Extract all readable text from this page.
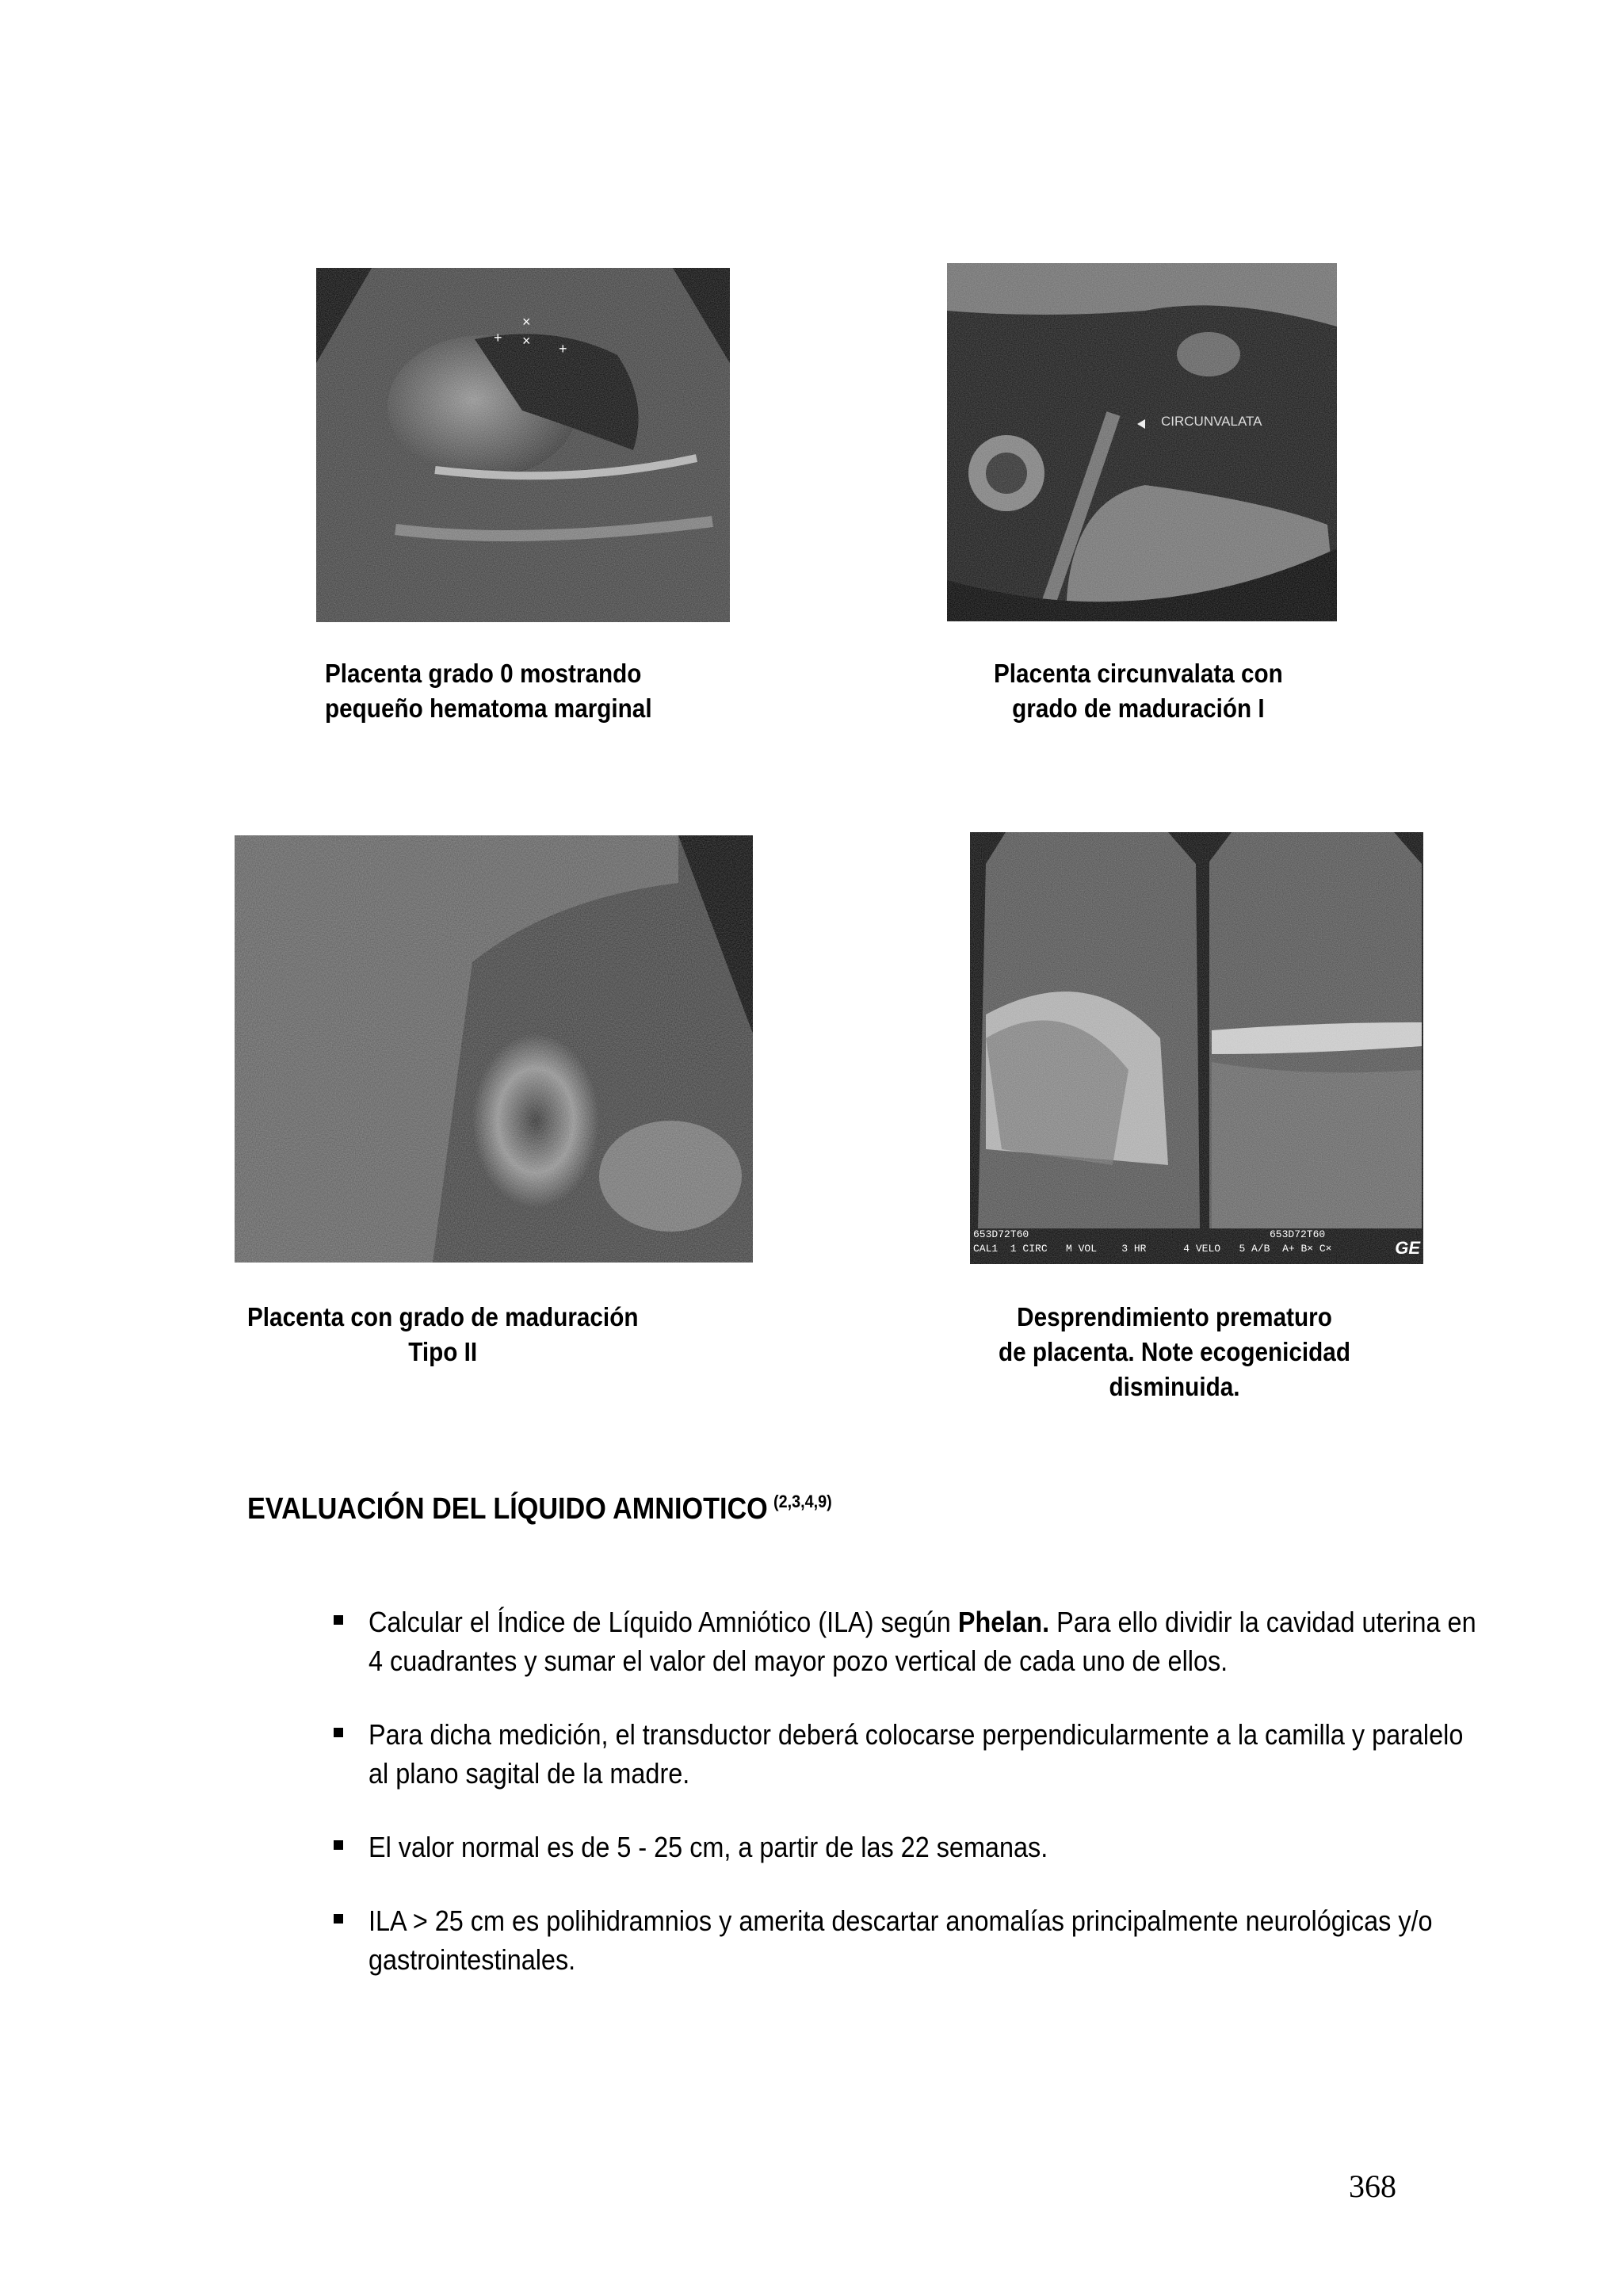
×
+ × +
CIRCUNVALATA
Placenta grado 0 mostrando
pequeño hematoma marginal
Placenta circunvalata con
grado de maduración I
653D72T60	653D72T60
CAL1  1 CIRC   M VOL    3 HR      4 VELO   5 A/B  A+ B× C×	GE
Placenta con grado de maduración
Tipo II
Desprendimiento prematuro
de placenta. Note ecogenicidad
disminuida.
EVALUACIÓN DEL LÍQUIDO AMNIOTICO $^{(2,3,4,9)}$
Calcular el Índice de Líquido Amniótico (ILA) según Phelan. Para ello dividir la cavidad uterina en 4 cuadrantes y sumar el valor del mayor pozo vertical de cada uno de ellos.
Para dicha medición, el transductor deberá colocarse perpendicularmente a la camilla y paralelo al plano sagital de la madre.
El valor normal es de 5 - 25 cm, a partir de las 22 semanas.
ILA > 25 cm es polihidramnios y amerita descartar anomalías principalmente neurológicas y/o gastrointestinales.
368
